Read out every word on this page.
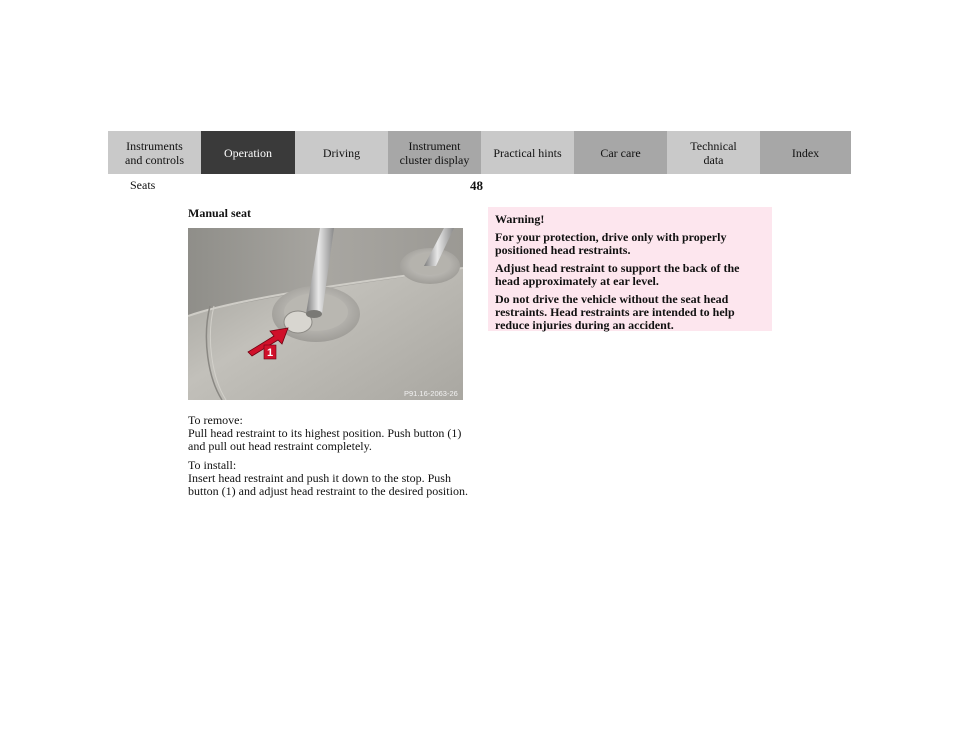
Instruments
and controls	Operation	Driving	Instrument
cluster display	Practical hints	Car care	Technical
data	Index
Seats	48
Manual seat
1
P91.16-2063-26

To remove:
Pull head restraint to its highest position. Push button (1) and pull out head restraint completely.

To install:
Insert head restraint and push it down to the stop. Push button (1) and adjust head restraint to the desired position.

Warning!

For your protection, drive only with properly positioned head restraints.

Adjust head restraint to support the back of the head approximately at ear level.

Do not drive the vehicle without the seat head restraints. Head restraints are intended to help reduce injuries during an accident.
